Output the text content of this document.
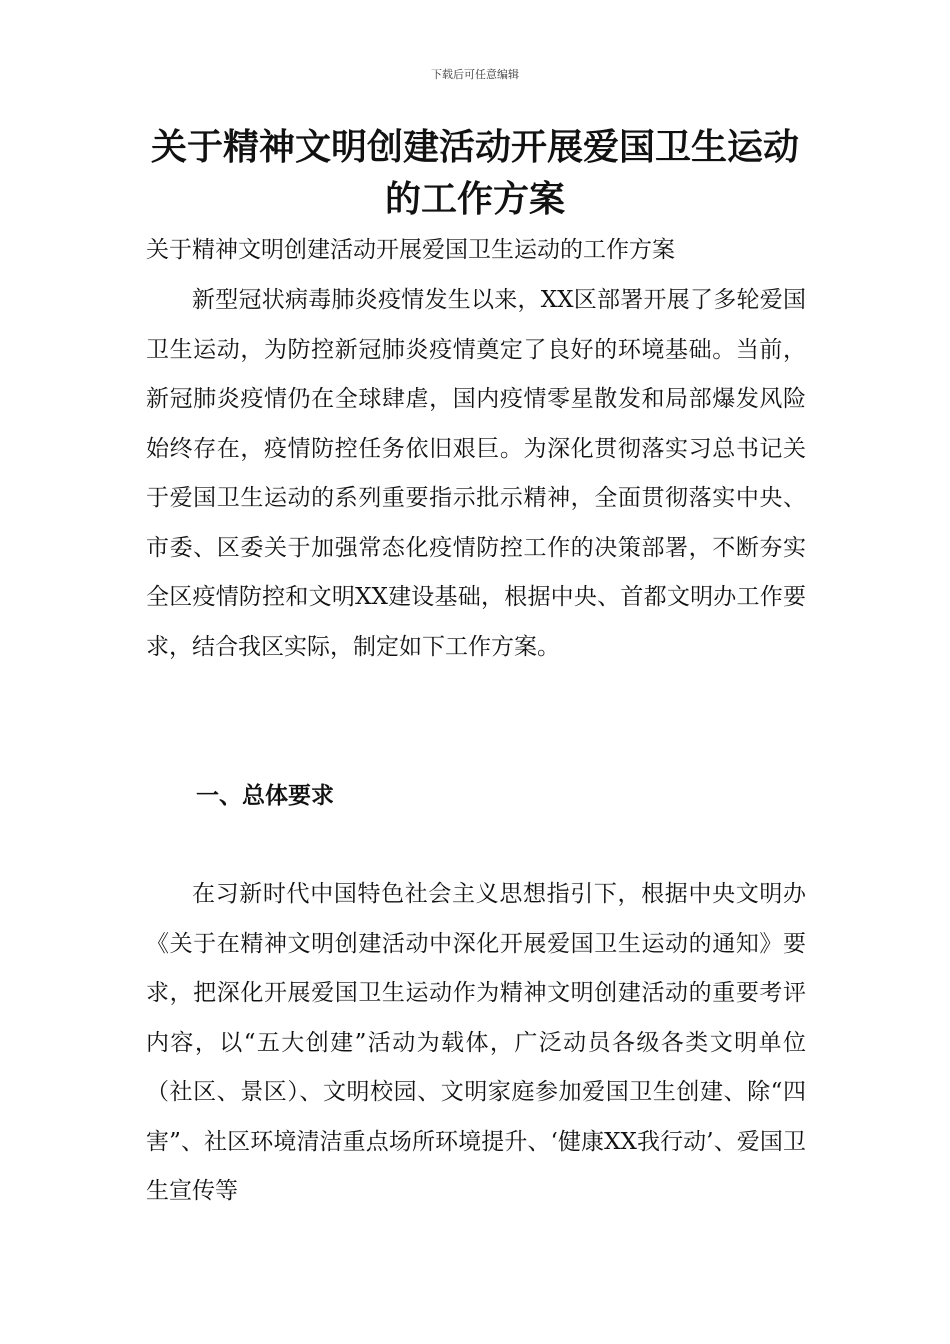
下载后可任意编辑
关于精神文明创建活动开展爱国卫生运动
的工作方案
关于精神文明创建活动开展爱国卫生运动的工作方案

新型冠状病毒肺炎疫情发生以来，XX区部署开展了多轮爱国卫生运动，为防控新冠肺炎疫情奠定了良好的环境基础。当前，新冠肺炎疫情仍在全球肆虐，国内疫情零星散发和局部爆发风险始终存在，疫情防控任务依旧艰巨。为深化贯彻落实习总书记关于爱国卫生运动的系列重要指示批示精神，全面贯彻落实中央、市委、区委关于加强常态化疫情防控工作的决策部署，不断夯实全区疫情防控和文明XX建设基础，根据中央、首都文明办工作要求，结合我区实际，制定如下工作方案。

一、总体要求

在习新时代中国特色社会主义思想指引下，根据中央文明办《关于在精神文明创建活动中深化开展爱国卫生运动的通知》要求，把深化开展爱国卫生运动作为精神文明创建活动的重要考评内容，以“五大创建”活动为载体，广泛动员各级各类文明单位（社区、景区）、文明校园、文明家庭参加爱国卫生创建、除“四害”、社区环境清洁重点场所环境提升、‘健康XX我行动’、爱国卫生宣传等
